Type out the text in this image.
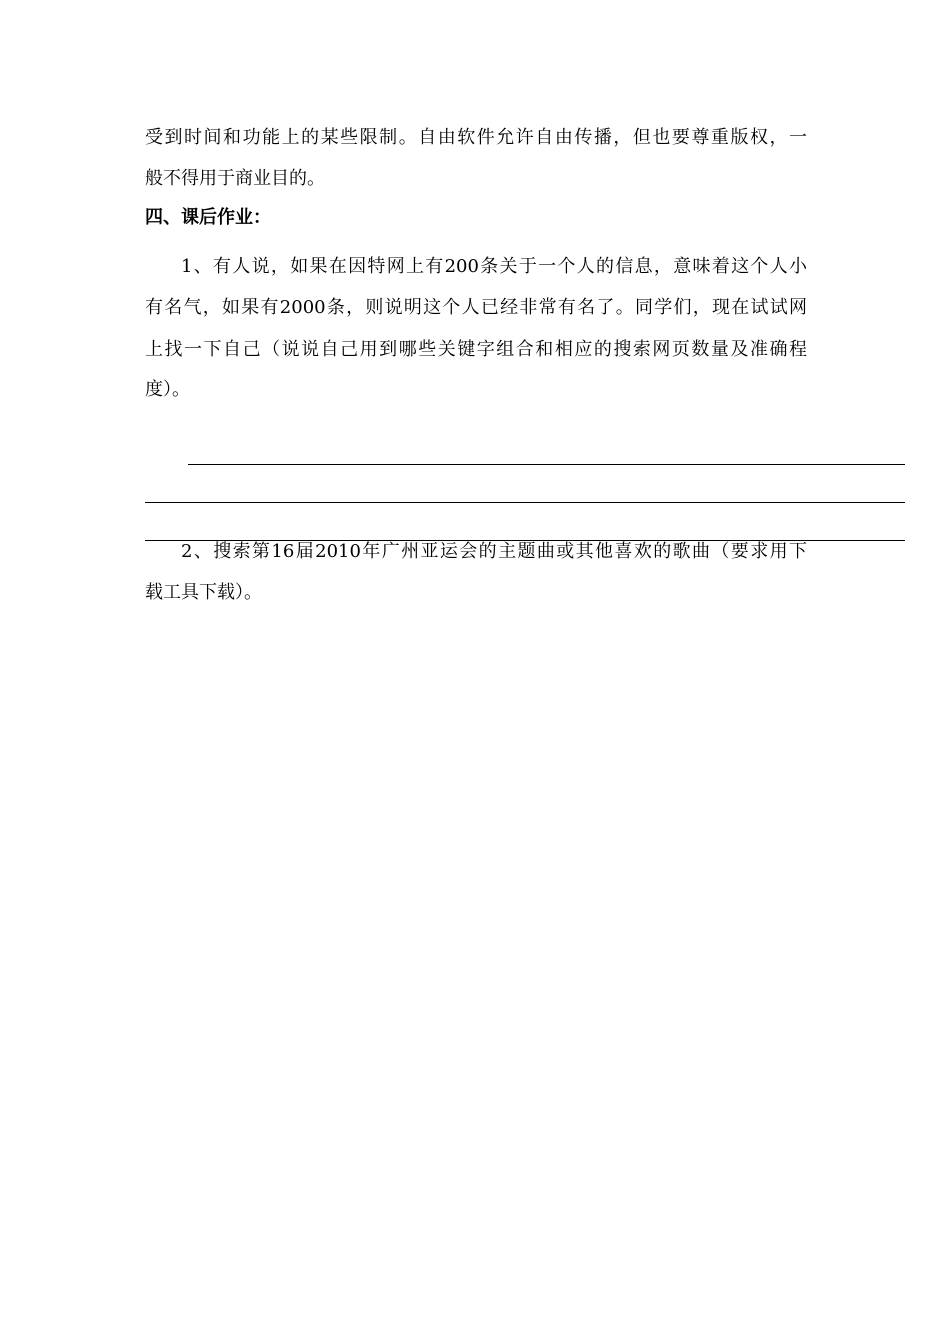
受到时间和功能上的某些限制。自由软件允许自由传播，但也要尊重版权，一
般不得用于商业目的。
四、课后作业：
1、有人说，如果在因特网上有200条关于一个人的信息，意味着这个人小
有名气，如果有2000条，则说明这个人已经非常有名了。同学们，现在试试网
上找一下自己（说说自己用到哪些关键字组合和相应的搜索网页数量及准确程
度）。
2、搜索第16届2010年广州亚运会的主题曲或其他喜欢的歌曲（要求用下
载工具下载）。
